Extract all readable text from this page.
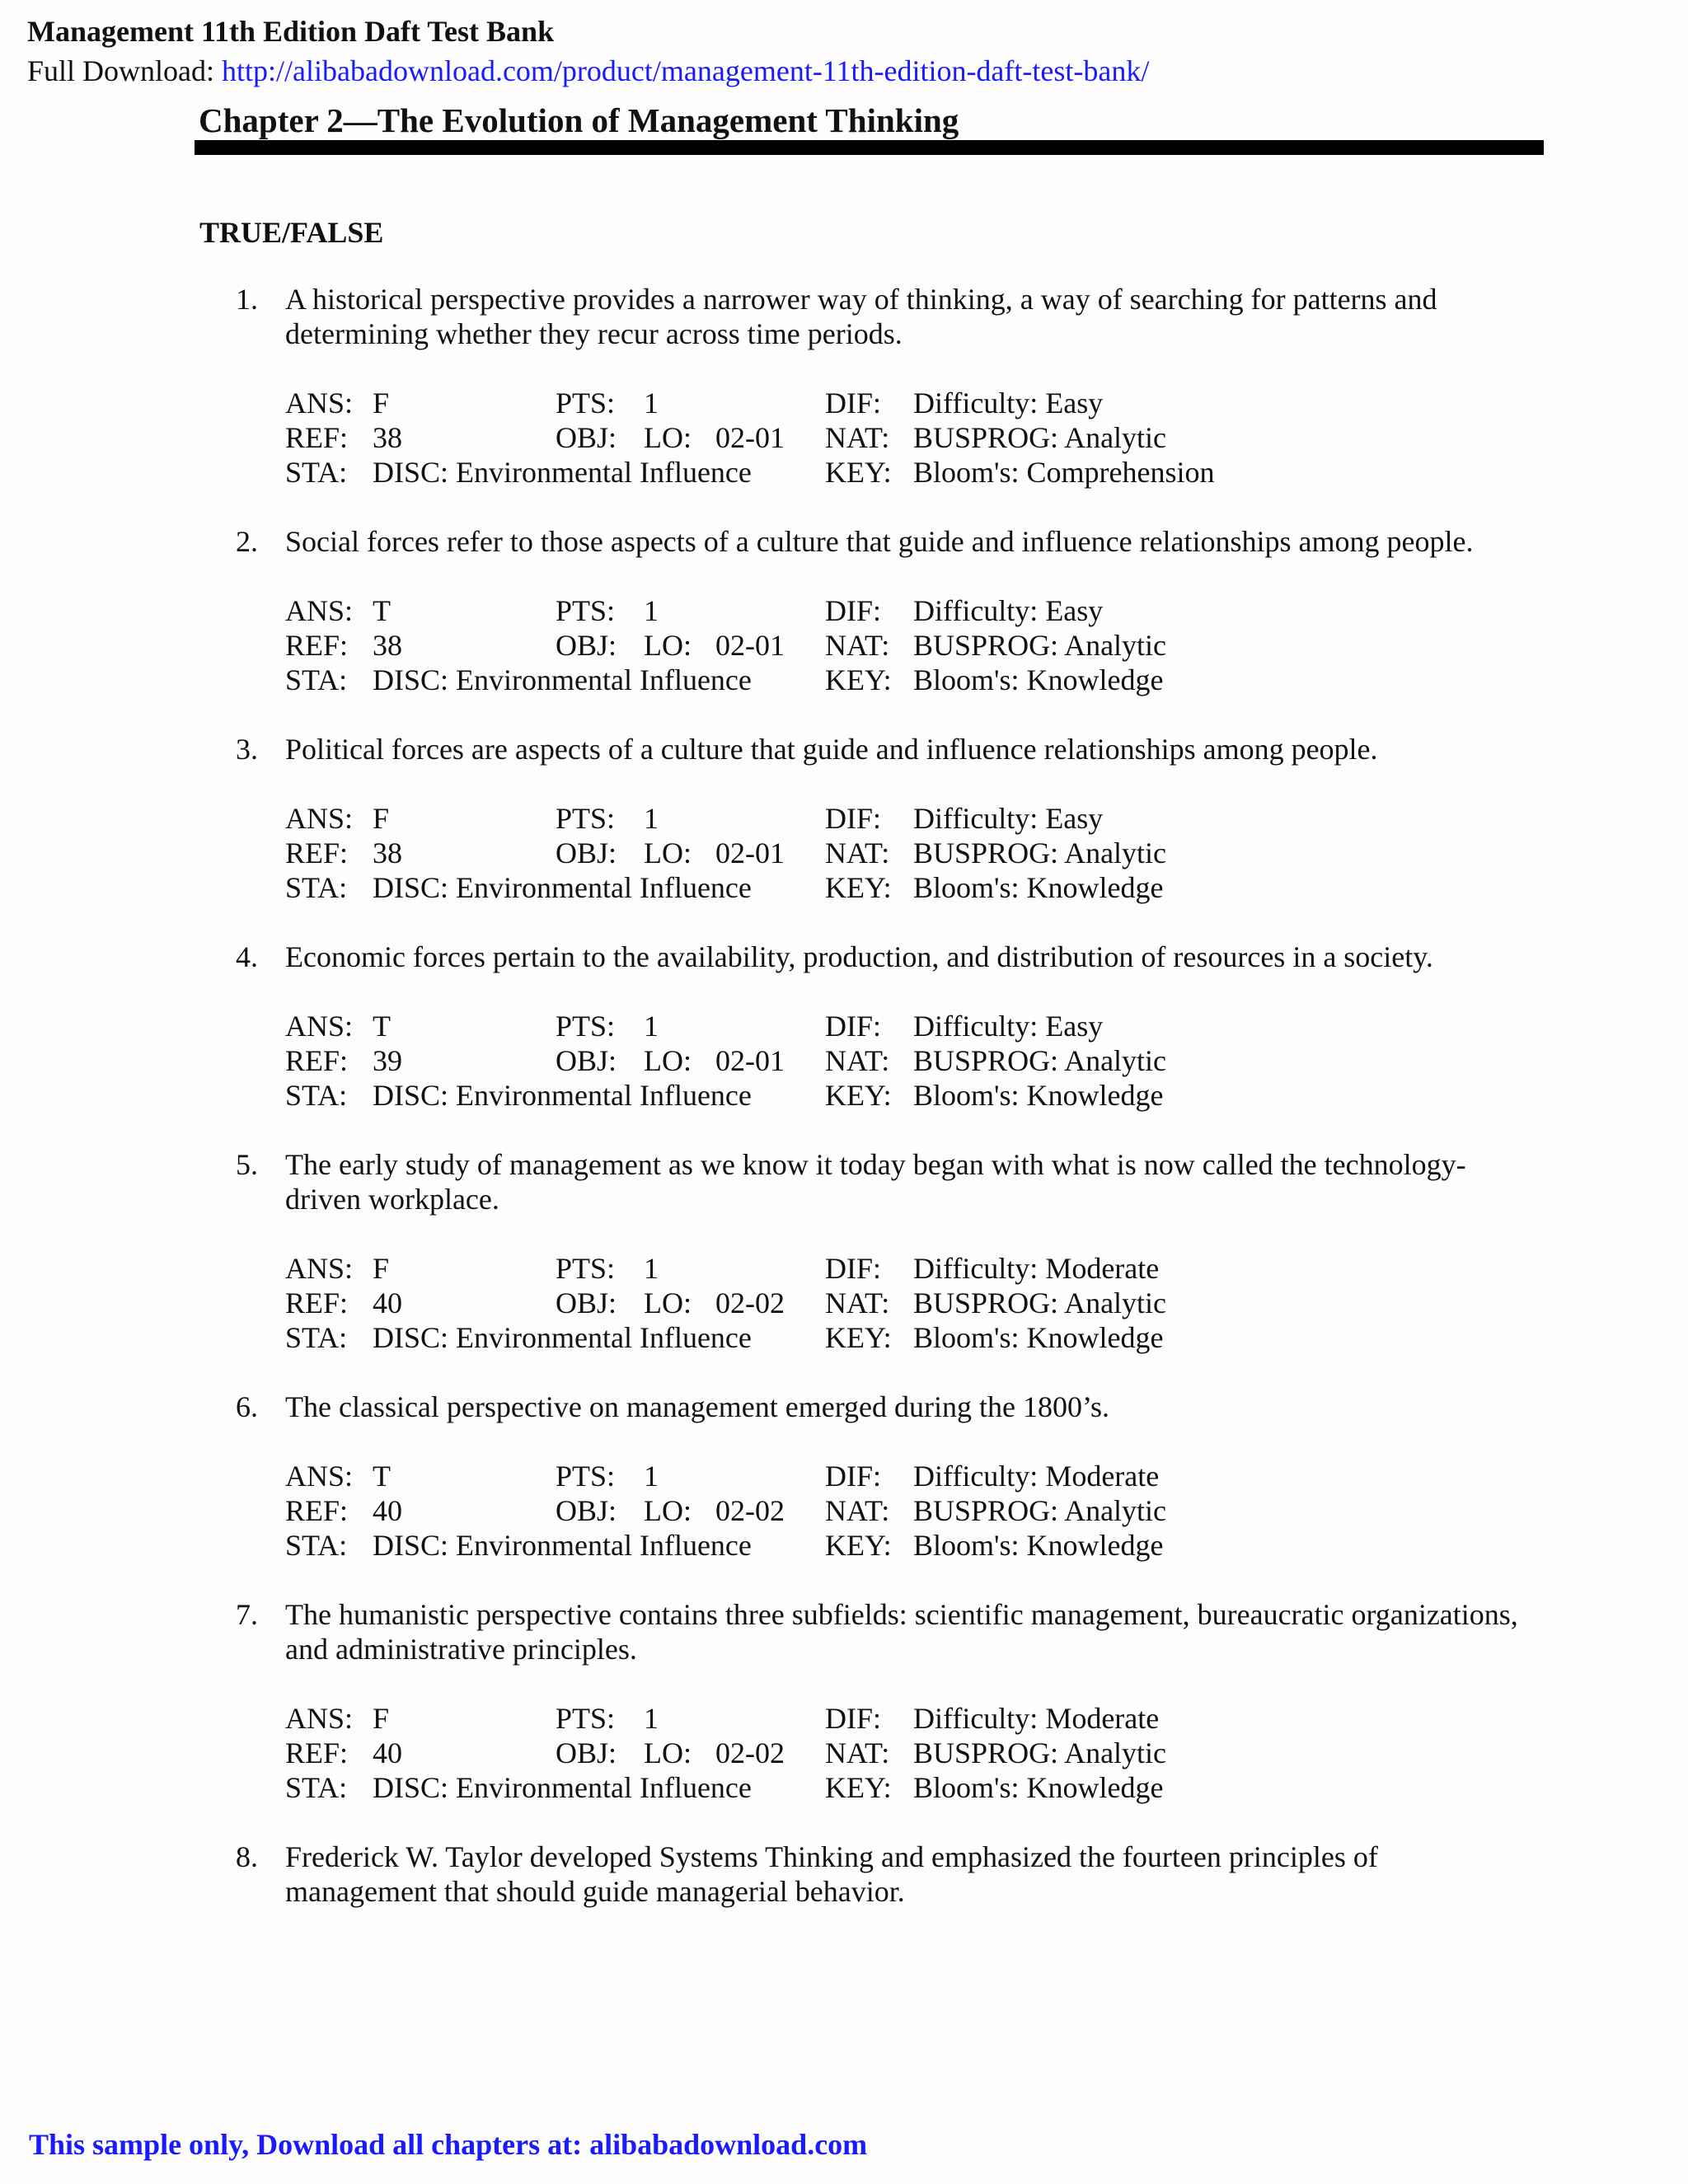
Management 11th Edition Daft Test Bank
Full Download: http://alibabadownload.com/product/management-11th-edition-daft-test-bank/
Chapter 2—The Evolution of Management Thinking
TRUE/FALSE
1. A historical perspective provides a narrower way of thinking, a way of searching for patterns and determining whether they recur across time periods.
ANS: F	PTS: 1	DIF: Difficulty: Easy
REF: 38	OBJ: LO: 02-01 NAT: BUSPROG: Analytic
STA: DISC: Environmental Influence KEY: Bloom's: Comprehension
2. Social forces refer to those aspects of a culture that guide and influence relationships among people.
ANS: T	PTS: 1	DIF: Difficulty: Easy
REF: 38	OBJ: LO: 02-01 NAT: BUSPROG: Analytic
STA: DISC: Environmental Influence KEY: Bloom's: Knowledge
3. Political forces are aspects of a culture that guide and influence relationships among people.
ANS: F	PTS: 1	DIF: Difficulty: Easy
REF: 38	OBJ: LO: 02-01 NAT: BUSPROG: Analytic
STA: DISC: Environmental Influence KEY: Bloom's: Knowledge
4. Economic forces pertain to the availability, production, and distribution of resources in a society.
ANS: T	PTS: 1	DIF: Difficulty: Easy
REF: 39	OBJ: LO: 02-01 NAT: BUSPROG: Analytic
STA: DISC: Environmental Influence KEY: Bloom's: Knowledge
5. The early study of management as we know it today began with what is now called the technology-driven workplace.
ANS: F	PTS: 1	DIF: Difficulty: Moderate
REF: 40	OBJ: LO: 02-02 NAT: BUSPROG: Analytic
STA: DISC: Environmental Influence KEY: Bloom's: Knowledge
6. The classical perspective on management emerged during the 1800’s.
ANS: T	PTS: 1	DIF: Difficulty: Moderate
REF: 40	OBJ: LO: 02-02 NAT: BUSPROG: Analytic
STA: DISC: Environmental Influence KEY: Bloom's: Knowledge
7. The humanistic perspective contains three subfields: scientific management, bureaucratic organizations, and administrative principles.
ANS: F	PTS: 1	DIF: Difficulty: Moderate
REF: 40	OBJ: LO: 02-02 NAT: BUSPROG: Analytic
STA: DISC: Environmental Influence KEY: Bloom's: Knowledge
8. Frederick W. Taylor developed Systems Thinking and emphasized the fourteen principles of management that should guide managerial behavior.
This sample only, Download all chapters at: alibabadownload.com
